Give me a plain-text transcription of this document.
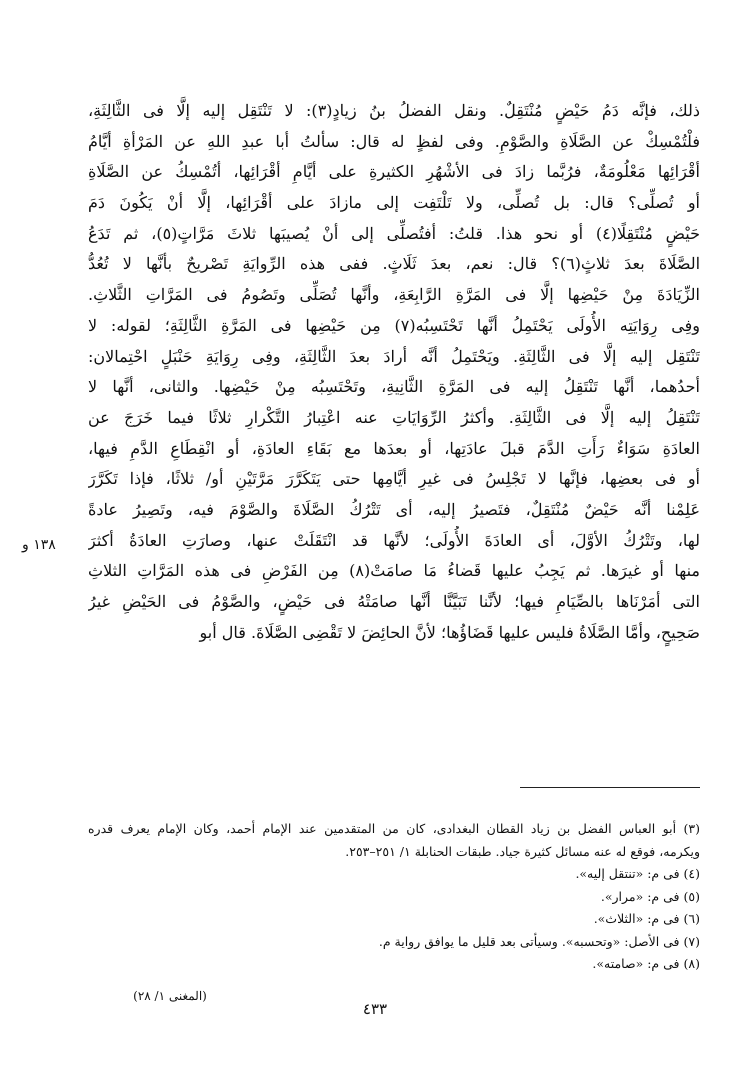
ذلك، فإنَّه دَمُ حَيْضٍ مُنْتَقِلٌ. ونقل الفضلُ بنُ زيادٍ(٣): لا تَنْتَقِل إليه إلَّا فى الثَّالِثَةِ،
فلْتُمْسِكْ عن الصَّلَاةِ والصَّوْمِ. وفى لفظٍ له قال: سألتُ أبا عبدِ اللهِ عن المَرْأةِ أيَّامُ
أقْرَائِها مَعْلُومَةٌ، فرُبَّما زادَ فى الأشْهُرِ الكثيرةِ على أيَّامِ أقْرَائِها، أتُمْسِكُ عن الصَّلَاةِ
أو تُصلِّى؟ قال: بل تُصلِّى، ولا تَلْتَفِت إلى مازادَ على أقْرَائِها، إلَّا أنْ يَكُونَ دَمَ
حَيْضٍ مُنْتَقِلًا(٤) أو نحو هذا. قلتُ: أفتُصلِّى إلى أنْ يُصيبَها ثلاثَ مَرَّاتٍ(٥)، ثم تَدَعُ
الصَّلَاةَ بعدَ ثلاثٍ(٦)؟ قال: نعم، بعدَ ثَلَاثٍ. ففى هذه الرِّوايَةِ تَصْريحٌ بأنَّها لا تُعُدُّ
الزِّيَادَةَ مِنْ حَيْضِها إلَّا فى المَرَّةِ الرَّابِعَةِ، وأنَّها تُصَلِّى وتَصُومُ فى المَرَّاتِ الثَّلاثِ.
وفِى رِوَايَتِه الأُولَى يَحْتَمِلُ أنَّها تَحْتَسِبُه(٧) مِن حَيْضِها فى المَرَّةِ الثَّالِثَةِ؛ لقوله: لا
تَنْتَقِل إليه إلَّا فى الثَّالِثَةِ. ويَحْتَمِلُ أنَّه أرادَ بعدَ الثَّالِثَةِ، وفِى رِوَايَةِ حَنْبَلٍ احْتِمالان:
أحدُهما، أنَّها تَنْتَقِلُ إليه فى المَرَّةِ الثَّانِيةِ، وتَحْتَسِبُه مِنْ حَيْضِها. والثانى، أنَّها لا
تَنْتَقِلُ إليه إلَّا فى الثَّالِثَةِ. وأكثرُ الرِّوَايَاتِ عنه اعْتِبارُ التَّكْرارِ ثلاثًا فيما خَرَجَ عن
العادَةِ سَوَاءٌ رَأَتِ الدَّمَ قبلَ عادَتِها، أو بعدَها مع بَقَاءِ العادَةِ، أو انْقِطَاعِ الدَّمِ فيها،
أو فى بعضِها، فإنَّها لا تَجْلِسُ فى غيرِ أيَّامِها حتى يَتَكَرَّرَ مَرَّتَيْنِ أو/ ثلاثًا، فإذا تَكَرَّرَ
عَلِمْنا أنَّه حَيْضٌ مُنْتَقِلٌ، فتَصيرُ إليه، أى تَتْرُكُ الصَّلَاةَ والصَّوْمَ فيه، وتَصِيرُ عادةً
لها، وتَتْرُكُ الأوَّلَ، أى العادَةَ الأُولَى؛ لأنَّها قد انْتَقَلَتْ عنها، وصارَتِ العادَةُ أكثرَ
منها أو غيرَها. ثم يَجِبُ عليها قَضاءُ مَا صامَتْ(٨) مِن الفَرْضِ فى هذه المَرَّاتِ الثلاثِ
التى أمَرْنَاها بالصِّيَامِ فيها؛ لأنَّنا تَبَيَّنَّا أنَّها صامَتْهُ فى حَيْضٍ، والصَّوْمُ فى الحَيْضِ غيرُ
صَحِيحٍ، وأمَّا الصَّلَاةُ فليس عليها قَضَاؤُها؛ لأنَّ الحائِضَ لا تَقْضِى الصَّلَاةَ. قال أبو
١٣٨ و
(٣) أبو العباس الفضل بن زياد القطان البغدادى، كان من المتقدمين عند الإمام أحمد، وكان الإمام يعرف قدره
ويكرمه، فوقع له عنه مسائل كثيرة جياد. طبقات الحنابلة ١/ ٢٥١–٢٥٣.
(٤) فى م: «تنتقل إليه».
(٥) فى م: «مرار».
(٦) فى م: «الثلاث».
(٧) فى الأصل: «وتحسبه». وسيأتى بعد قليل ما يوافق رواية م.
(٨) فى م: «صامته».
٤٣٣
(المغنى ١/ ٢٨)
